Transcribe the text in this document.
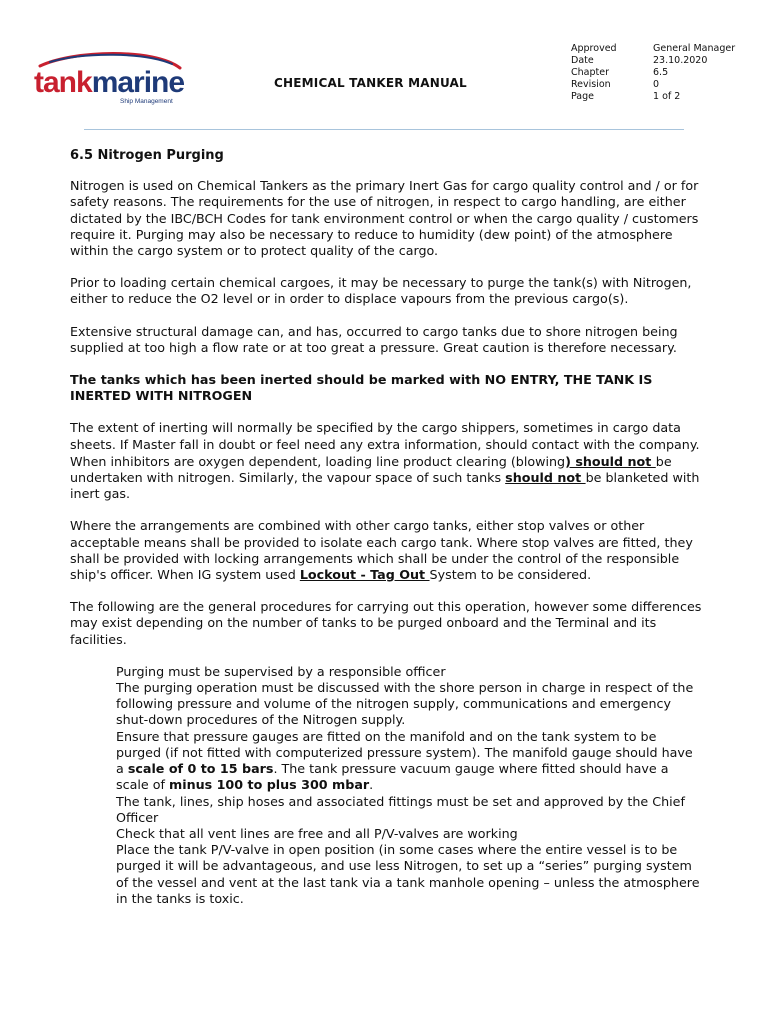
tankmarine
Ship Management
CHEMICAL TANKER MANUAL
Approved	General Manager
Date	23.10.2020
Chapter	6.5
Revision	0
Page	1 of 2
6.5 Nitrogen Purging

Nitrogen is used on Chemical Tankers as the primary Inert Gas for cargo quality control and / or for safety reasons. The requirements for the use of nitrogen, in respect to cargo handling, are either dictated by the IBC/BCH Codes for tank environment control or when the cargo quality / customers require it. Purging may also be necessary to reduce to humidity (dew point) of the atmosphere within the cargo system or to protect quality of the cargo.

Prior to loading certain chemical cargoes, it may be necessary to purge the tank(s) with Nitrogen, either to reduce the O2 level or in order to displace vapours from the previous cargo(s).

Extensive structural damage can, and has, occurred to cargo tanks due to shore nitrogen being supplied at too high a flow rate or at too great a pressure. Great caution is therefore necessary.

The tanks which has been inerted should be marked with NO ENTRY, THE TANK IS INERTED WITH NITROGEN

The extent of inerting will normally be specified by the cargo shippers, sometimes in cargo data sheets. If Master fall in doubt or feel need any extra information, should contact with the company.

When inhibitors are oxygen dependent, loading line product clearing (blowing) should not be undertaken with nitrogen. Similarly, the vapour space of such tanks should not be blanketed with inert gas.

Where the arrangements are combined with other cargo tanks, either stop valves or other acceptable means shall be provided to isolate each cargo tank. Where stop valves are fitted, they shall be provided with locking arrangements which shall be under the control of the responsible ship's officer. When IG system used Lockout - Tag Out System to be considered.

The following are the general procedures for carrying out this operation, however some differences may exist depending on the number of tanks to be purged onboard and the Terminal and its facilities.

Purging must be supervised by a responsible officer
The purging operation must be discussed with the shore person in charge in respect of the following pressure and volume of the nitrogen supply, communications and emergency shut-down procedures of the Nitrogen supply.
Ensure that pressure gauges are fitted on the manifold and on the tank system to be purged (if not fitted with computerized pressure system). The manifold gauge should have a scale of 0 to 15 bars. The tank pressure vacuum gauge where fitted should have a scale of minus 100 to plus 300 mbar.
The tank, lines, ship hoses and associated fittings must be set and approved by the Chief Officer
Check that all vent lines are free and all P/V-valves are working
Place the tank P/V-valve in open position (in some cases where the entire vessel is to be purged it will be advantageous, and use less Nitrogen, to set up a “series” purging system of the vessel and vent at the last tank via a tank manhole opening – unless the atmosphere in the tanks is toxic.
